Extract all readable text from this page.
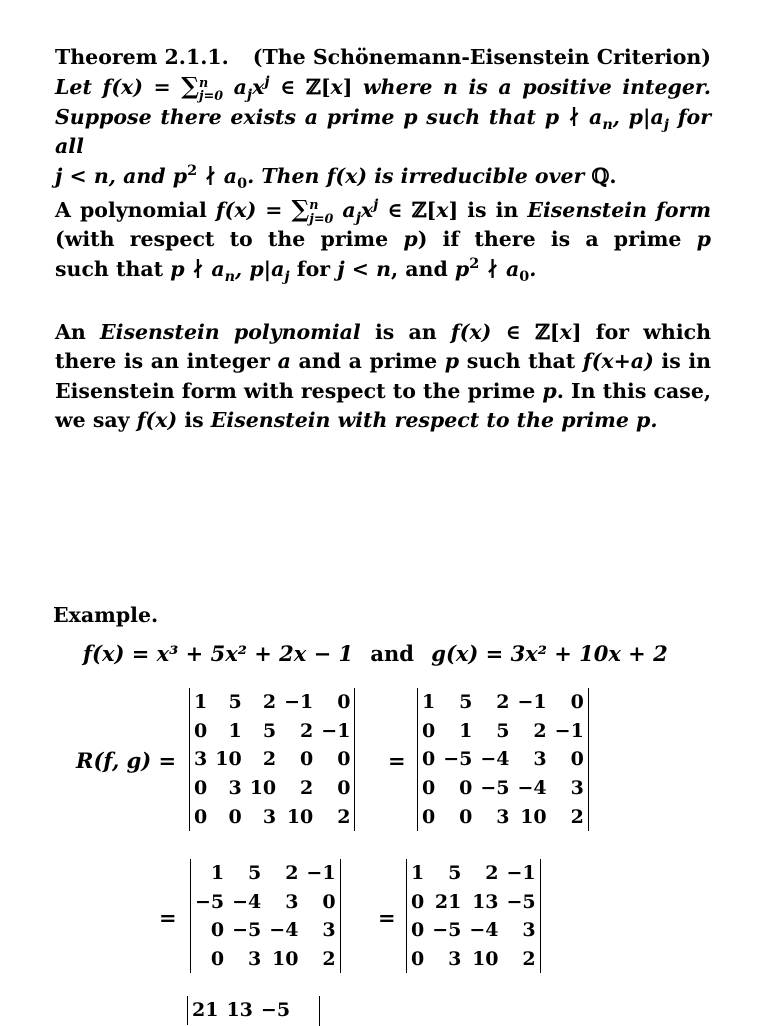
Theorem 2.1.1. (The Schönemann-Eisenstein Criterion)
Let f(x) = ∑ n
j=0 $a_jx^j$ ∈ ℤ[x] where n is a positive integer.
Suppose there exists a prime p such that p ∤ $a_n$, $p|a_j$ for all
j < n, and $p^2$ ∤ $a_0$. Then f(x) is irreducible over ℚ.
A polynomial f(x) = ∑ n
j=0 $a_jx^j$ ∈ ℤ[x] is in Eisenstein form (with respect to the prime p) if there is a prime p
such that p ∤ $a_n$, $p|a_j$ for j < n, and $p^2$ ∤ $a_0$.
An Eisenstein polynomial is an f(x) ∈ ℤ[x] for which there is an integer a and a prime p such that f(x+a) is in Eisenstein form with respect to the prime p. In this case, we say f(x) is Eisenstein with respect to the prime p.
Example.
f(x) = x³ + 5x² + 2x − 1 and g(x) = 3x² + 10x + 2
R(f, g) =
1	5	2	−1	0
0	1	5	2	−1
3	10	2	0	0
0	3	10	2	0
0	0	3	10	2
=
1	5	2	−1	0
0	1	5	2	−1
0	−5	−4	3	0
0	0	−5	−4	3
0	0	3	10	2
=
1	5	2	−1
−5	−4	3	0
0	−5	−4	3
0	3	10	2
=
1	5	2	−1
0	21	13	−5
0	−5	−4	3
0	3	10	2
21	13	−5
